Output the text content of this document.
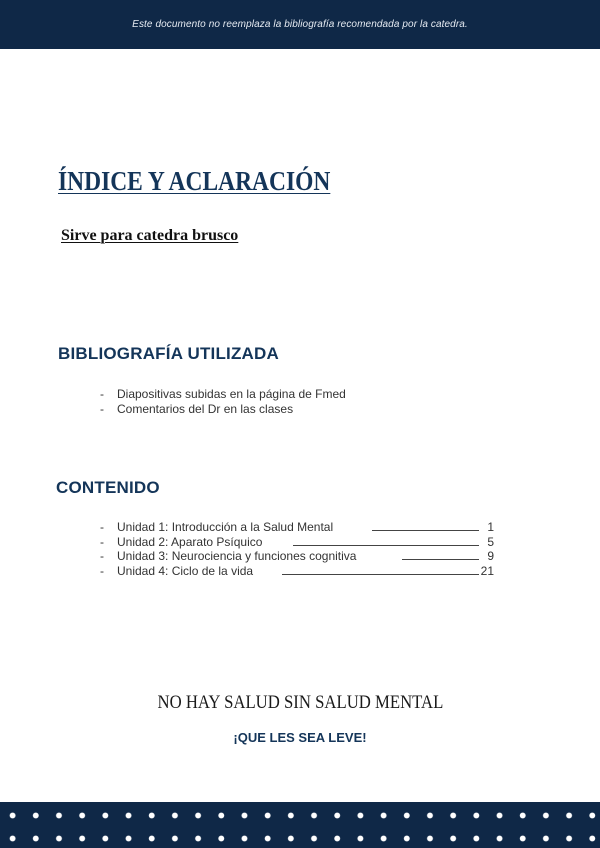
Este documento no reemplaza la bibliografía recomendada por la catedra.
ÍNDICE Y ACLARACIÓN
Sirve para catedra brusco
BIBLIOGRAFÍA UTILIZADA
- Diapositivas subidas en la página de Fmed
- Comentarios del Dr en las clases
CONTENIDO
- Unidad 1: Introducción a la Salud Mental	1
- Unidad 2: Aparato Psíquico	5
- Unidad 3: Neurociencia y funciones cognitiva	9
- Unidad 4: Ciclo de la vida	21

NO HAY SALUD SIN SALUD MENTAL

¡QUE LES SEA LEVE!
